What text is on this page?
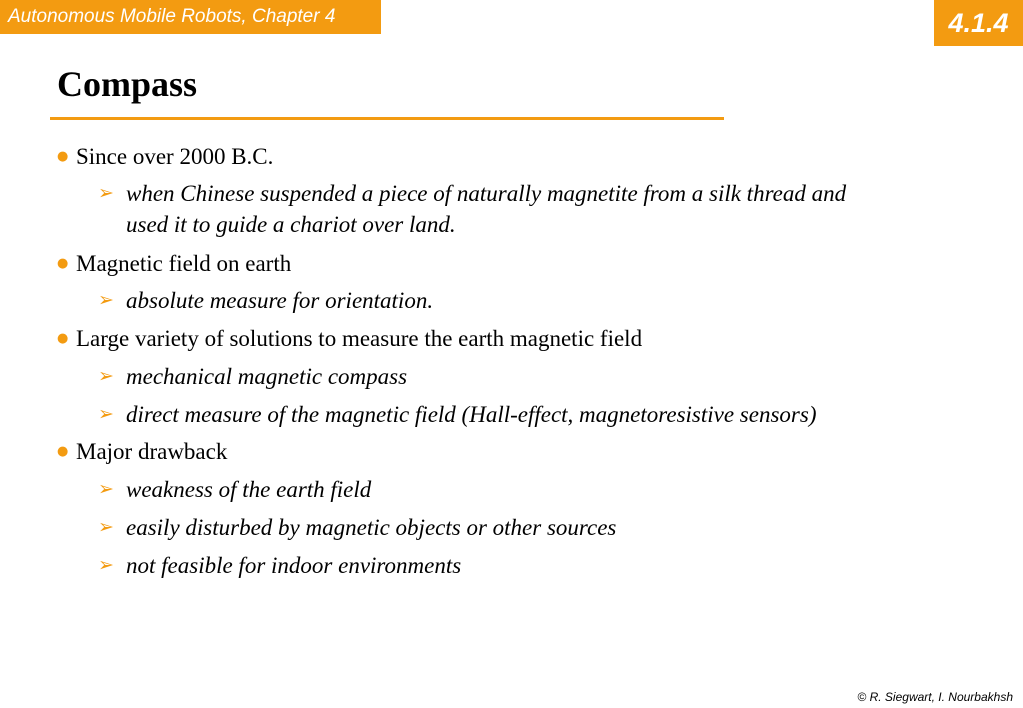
Autonomous Mobile Robots, Chapter 4	4.1.4
Compass
● Since over 2000 B.C.
➢ when Chinese suspended a piece of naturally magnetite from a silk thread and
used it to guide a chariot over land.
● Magnetic field on earth
➢ absolute measure for orientation.
● Large variety of solutions to measure the earth magnetic field
➢ mechanical magnetic compass
➢ direct measure of the magnetic field (Hall-effect, magnetoresistive sensors)
● Major drawback
➢ weakness of the earth field
➢ easily disturbed by magnetic objects or other sources
➢ not feasible for indoor environments
© R. Siegwart, I. Nourbakhsh
